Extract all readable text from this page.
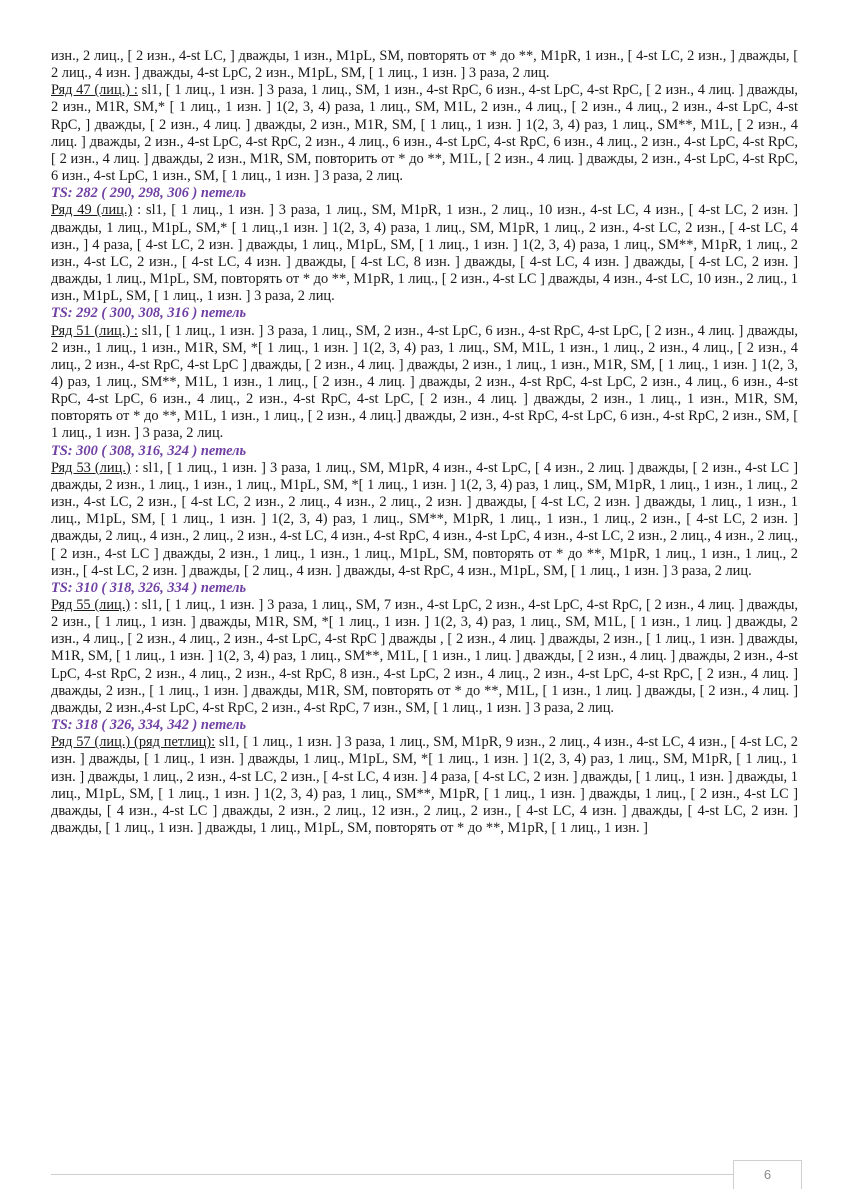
изн., 2 лиц., [ 2 изн., 4-st LC, ] дважды, 1 изн., M1pL, SM, повторять от * до **, M1pR, 1 изн., [ 4-st LC, 2 изн., ] дважды, [ 2 лиц., 4 изн. ] дважды, 4-st LpC, 2 изн., M1pL, SM, [ 1 лиц., 1 изн. ] 3 раза, 2 лиц.

Ряд 47 (лиц.) : sl1, [ 1 лиц., 1 изн. ] 3 раза, 1 лиц., SM, 1 изн., 4-st RpC, 6 изн., 4-st LpC, 4-st RpC, [ 2 изн., 4 лиц. ] дважды, 2 изн., M1R, SM,* [ 1 лиц., 1 изн. ] 1(2, 3, 4) раза, 1 лиц., SM, M1L, 2 изн., 4 лиц., [ 2 изн., 4 лиц., 2 изн., 4-st LpC, 4-st RpC, ] дважды, [ 2 изн., 4 лиц. ] дважды, 2 изн., M1R, SM, [ 1 лиц., 1 изн. ] 1(2, 3, 4) раз, 1 лиц., SM**, M1L, [ 2 изн., 4 лиц. ] дважды, 2 изн., 4-st LpC, 4-st RpC, 2 изн., 4 лиц., 6 изн., 4-st LpC, 4-st RpC, 6 изн., 4 лиц., 2 изн., 4-st LpC, 4-st RpC, [ 2 изн., 4 лиц. ] дважды, 2 изн., M1R, SM, повторить от * до **, M1L, [ 2 изн., 4 лиц. ] дважды, 2 изн., 4-st LpC, 4-st RpC, 6 изн., 4-st LpC, 1 изн., SM, [ 1 лиц., 1 изн. ] 3 раза, 2 лиц.

TS: 282 ( 290, 298, 306 ) петель

Ряд 49 (лиц.) : sl1, [ 1 лиц., 1 изн. ] 3 раза, 1 лиц., SM, M1pR, 1 изн., 2 лиц., 10 изн., 4-st LC, 4 изн., [ 4-st LC, 2 изн. ] дважды, 1 лиц., M1pL, SM,* [ 1 лиц.,1 изн. ] 1(2, 3, 4) раза, 1 лиц., SM, M1pR, 1 лиц., 2 изн., 4-st LC, 2 изн., [ 4-st LC, 4 изн., ] 4 раза, [ 4-st LC, 2 изн. ] дважды, 1 лиц., M1pL, SM, [ 1 лиц., 1 изн. ] 1(2, 3, 4) раза, 1 лиц., SM**, M1pR, 1 лиц., 2 изн., 4-st LC, 2 изн., [ 4-st LC, 4 изн. ] дважды, [ 4-st LC, 8 изн. ] дважды, [ 4-st LC, 4 изн. ] дважды, [ 4-st LC, 2 изн. ] дважды, 1 лиц., M1pL, SM, повторять от * до **, M1pR, 1 лиц., [ 2 изн., 4-st LC ] дважды, 4 изн., 4-st LC, 10 изн., 2 лиц., 1 изн., M1pL, SM, [ 1 лиц., 1 изн. ] 3 раза, 2 лиц.

TS: 292 ( 300, 308, 316 ) петель

Ряд 51 (лиц.) : sl1, [ 1 лиц., 1 изн. ] 3 раза, 1 лиц., SM, 2 изн., 4-st LpC, 6 изн., 4-st RpC, 4-st LpC, [ 2 изн., 4 лиц. ] дважды, 2 изн., 1 лиц., 1 изн., M1R, SM, *[ 1 лиц., 1 изн. ] 1(2, 3, 4) раз, 1 лиц., SM, M1L, 1 изн., 1 лиц., 2 изн., 4 лиц., [ 2 изн., 4 лиц., 2 изн., 4-st RpC, 4-st LpC ] дважды, [ 2 изн., 4 лиц. ] дважды, 2 изн., 1 лиц., 1 изн., M1R, SM, [ 1 лиц., 1 изн. ] 1(2, 3, 4) раз, 1 лиц., SM**, M1L, 1 изн., 1 лиц., [ 2 изн., 4 лиц. ] дважды, 2 изн., 4-st RpC, 4-st LpC, 2 изн., 4 лиц., 6 изн., 4-st RpC, 4-st LpC, 6 изн., 4 лиц., 2 изн., 4-st RpC, 4-st LpC, [ 2 изн., 4 лиц. ] дважды, 2 изн., 1 лиц., 1 изн., M1R, SM, повторять от * до **, M1L, 1 изн., 1 лиц., [ 2 изн., 4 лиц.] дважды, 2 изн., 4-st RpC, 4-st LpC, 6 изн., 4-st RpC, 2 изн., SM, [ 1 лиц., 1 изн. ] 3 раза, 2 лиц.

TS: 300 ( 308, 316, 324 ) петель

Ряд 53 (лиц.) : sl1, [ 1 лиц., 1 изн. ] 3 раза, 1 лиц., SM, M1pR, 4 изн., 4-st LpC, [ 4 изн., 2 лиц. ] дважды, [ 2 изн., 4-st LC ] дважды, 2 изн., 1 лиц., 1 изн., 1 лиц., M1pL, SM, *[ 1 лиц., 1 изн. ] 1(2, 3, 4) раз, 1 лиц., SM, M1pR, 1 лиц., 1 изн., 1 лиц., 2 изн., 4-st LC, 2 изн., [ 4-st LC, 2 изн., 2 лиц., 4 изн., 2 лиц., 2 изн. ] дважды, [ 4-st LC, 2 изн. ] дважды, 1 лиц., 1 изн., 1 лиц., M1pL, SM, [ 1 лиц., 1 изн. ] 1(2, 3, 4) раз, 1 лиц., SM**, M1pR, 1 лиц., 1 изн., 1 лиц., 2 изн., [ 4-st LC, 2 изн. ] дважды, 2 лиц., 4 изн., 2 лиц., 2 изн., 4-st LC, 4 изн., 4-st RpC, 4 изн., 4-st LpC, 4 изн., 4-st LC, 2 изн., 2 лиц., 4 изн., 2 лиц., [ 2 изн., 4-st LC ] дважды, 2 изн., 1 лиц., 1 изн., 1 лиц., M1pL, SM, повторять от * до **, M1pR, 1 лиц., 1 изн., 1 лиц., 2 изн., [ 4-st LC, 2 изн. ] дважды, [ 2 лиц., 4 изн. ] дважды, 4-st RpC, 4 изн., M1pL, SM, [ 1 лиц., 1 изн. ] 3 раза, 2 лиц.

TS: 310 ( 318, 326, 334 ) петель

Ряд 55 (лиц.) : sl1, [ 1 лиц., 1 изн. ] 3 раза, 1 лиц., SM, 7 изн., 4-st LpC, 2 изн., 4-st LpC, 4-st RpC, [ 2 изн., 4 лиц. ] дважды, 2 изн., [ 1 лиц., 1 изн. ] дважды, M1R, SM, *[ 1 лиц., 1 изн. ] 1(2, 3, 4) раз, 1 лиц., SM, M1L, [ 1 изн., 1 лиц. ] дважды, 2 изн., 4 лиц., [ 2 изн., 4 лиц., 2 изн., 4-st LpC, 4-st RpC ] дважды , [ 2 изн., 4 лиц. ] дважды, 2 изн., [ 1 лиц., 1 изн. ] дважды, M1R, SM, [ 1 лиц., 1 изн. ] 1(2, 3, 4) раз, 1 лиц., SM**, M1L, [ 1 изн., 1 лиц. ] дважды, [ 2 изн., 4 лиц. ] дважды, 2 изн., 4-st LpC, 4-st RpC, 2 изн., 4 лиц., 2 изн., 4-st RpC, 8 изн., 4-st LpC, 2 изн., 4 лиц., 2 изн., 4-st LpC, 4-st RpC, [ 2 изн., 4 лиц. ] дважды, 2 изн., [ 1 лиц., 1 изн. ] дважды, M1R, SM, повторять от * до **, M1L, [ 1 изн., 1 лиц. ] дважды, [ 2 изн., 4 лиц. ] дважды, 2 изн.,4-st LpC, 4-st RpC, 2 изн., 4-st RpC, 7 изн., SM, [ 1 лиц., 1 изн. ] 3 раза, 2 лиц.

TS: 318 ( 326, 334, 342 ) петель

Ряд 57 (лиц.) (ряд петлиц): sl1, [ 1 лиц., 1 изн. ] 3 раза, 1 лиц., SM, M1pR, 9 изн., 2 лиц., 4 изн., 4-st LC, 4 изн., [ 4-st LC, 2 изн. ] дважды, [ 1 лиц., 1 изн. ] дважды, 1 лиц., M1pL, SM, *[ 1 лиц., 1 изн. ] 1(2, 3, 4) раз, 1 лиц., SM, M1pR, [ 1 лиц., 1 изн. ] дважды, 1 лиц., 2 изн., 4-st LC, 2 изн., [ 4-st LC, 4 изн. ] 4 раза, [ 4-st LC, 2 изн. ] дважды, [ 1 лиц., 1 изн. ] дважды, 1 лиц., M1pL, SM, [ 1 лиц., 1 изн. ] 1(2, 3, 4) раз, 1 лиц., SM**, M1pR, [ 1 лиц., 1 изн. ] дважды, 1 лиц., [ 2 изн., 4-st LC ] дважды, [ 4 изн., 4-st LC ] дважды, 2 изн., 2 лиц., 12 изн., 2 лиц., 2 изн., [ 4-st LC, 4 изн. ] дважды, [ 4-st LC, 2 изн. ] дважды, [ 1 лиц., 1 изн. ] дважды, 1 лиц., M1pL, SM, повторять от * до **, M1pR, [ 1 лиц., 1 изн. ]

6
